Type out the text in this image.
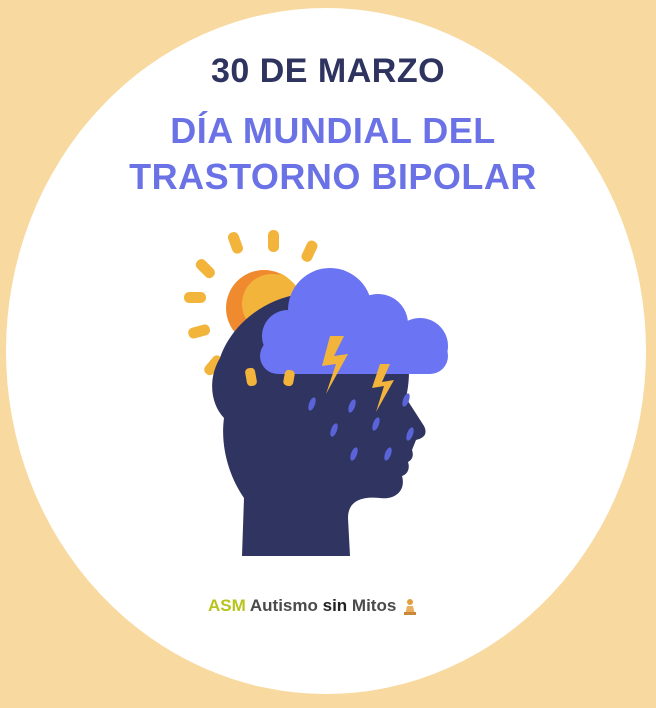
30 DE MARZO
DÍA MUNDIAL DEL
TRASTORNO BIPOLAR
ASM Autismo sin Mitos
